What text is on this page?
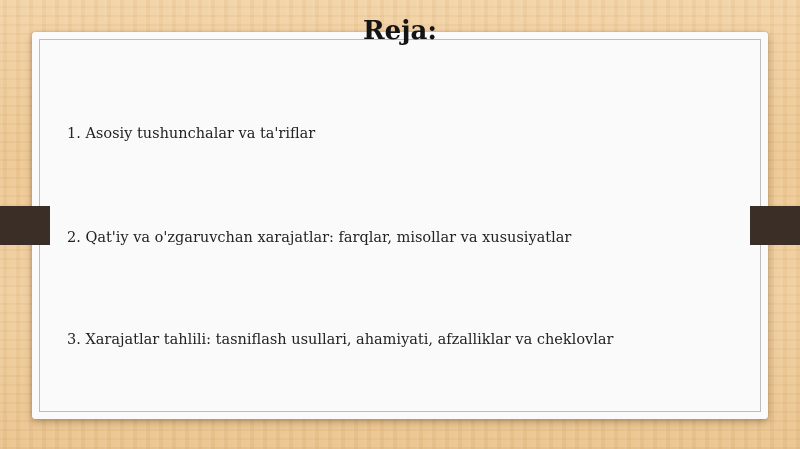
Reja:
1. Asosiy tushunchalar va ta'riflar
2. Qat'iy va o'zgaruvchan xarajatlar: farqlar, misollar va xususiyatlar
3. Xarajatlar tahlili: tasniflash usullari, ahamiyati, afzalliklar va cheklovlar
